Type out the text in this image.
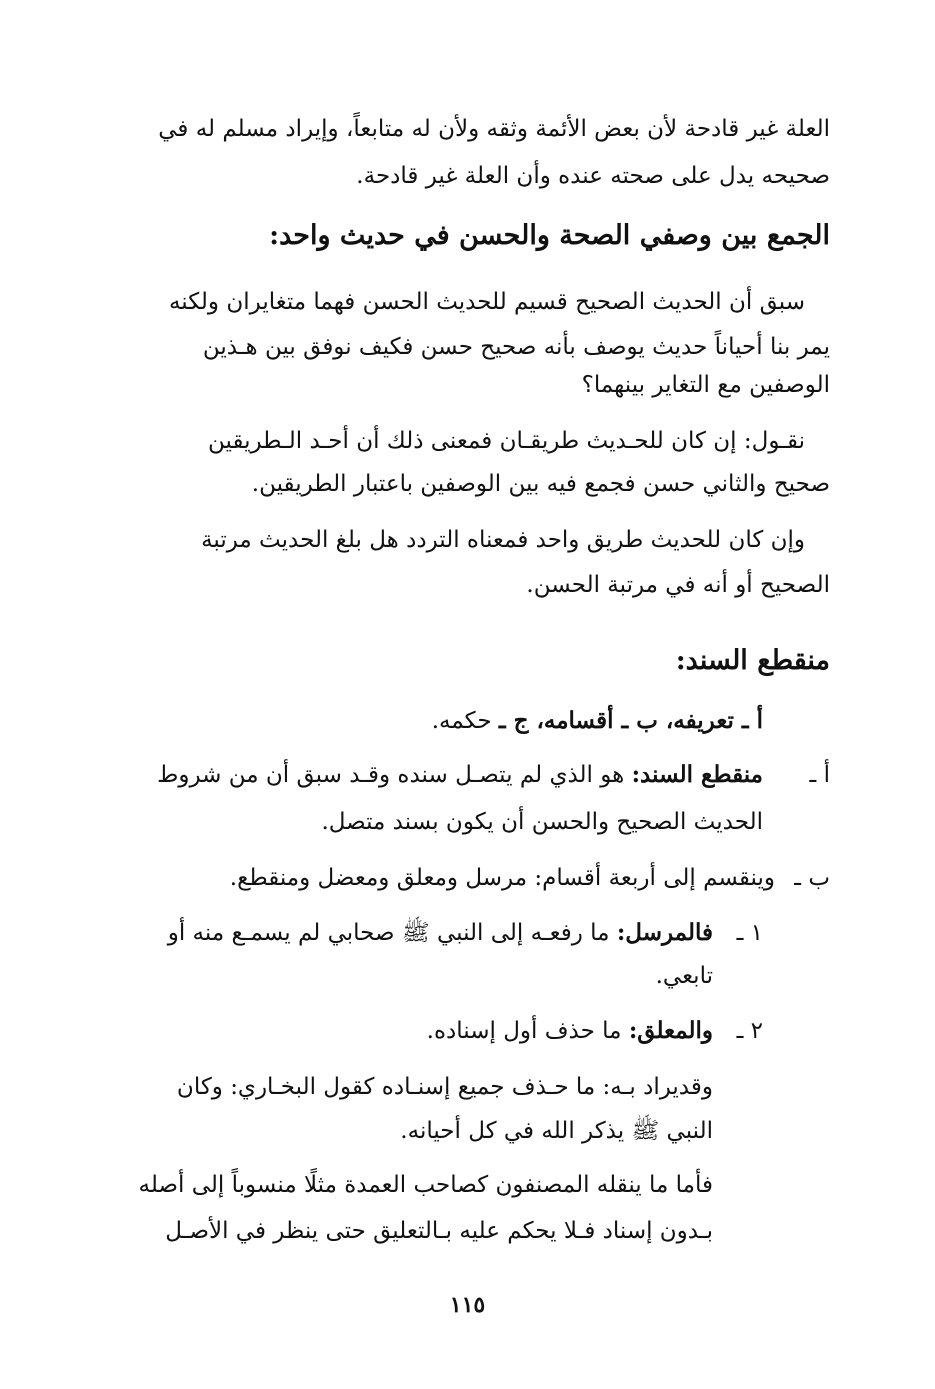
العلة غير قادحة لأن بعض الأئمة وثقه ولأن له متابعاً، وإيراد مسلم له في
صحيحه يدل على صحته عنده وأن العلة غير قادحة.
الجمع بين وصفي الصحة والحسن في حديث واحد:
سبق أن الحديث الصحيح قسيم للحديث الحسن فهما متغايران ولكنه
يمر بنا أحياناً حديث يوصف بأنه صحيح حسن فكيف نوفق بين هـذين
الوصفين مع التغاير بينهما؟
نقـول: إن كان للحـديث طريقـان فمعنى ذلك أن أحـد الـطريقين
صحيح والثاني حسن فجمع فيه بين الوصفين باعتبار الطريقين.
وإن كان للحديث طريق واحد فمعناه التردد هل بلغ الحديث مرتبة
الصحيح أو أنه في مرتبة الحسن.
منقطع السند:
أ ـ تعريفه، ب ـ أقسامه، ج ـ حكمه.
أ ـ
منقطع السند: هو الذي لم يتصـل سنده وقـد سبق أن من شروط
الحديث الصحيح والحسن أن يكون بسند متصل.
ب ـ
وينقسم إلى أربعة أقسام: مرسل ومعلق ومعضل ومنقطع.
١ ـ
فالمرسل: ما رفعـه إلى النبي ﷺ صحابي لم يسمـع منه أو
تابعي.
٢ ـ
والمعلق: ما حذف أول إسناده.
وقديراد بـه: ما حـذف جميع إسنـاده كقول البخـاري: وكان
النبي ﷺ يذكر الله في كل أحيانه.
فأما ما ينقله المصنفون كصاحب العمدة مثلًا منسوباً إلى أصله
بـدون إسناد فـلا يحكم عليه بـالتعليق حتى ينظر في الأصـل
١١٥
